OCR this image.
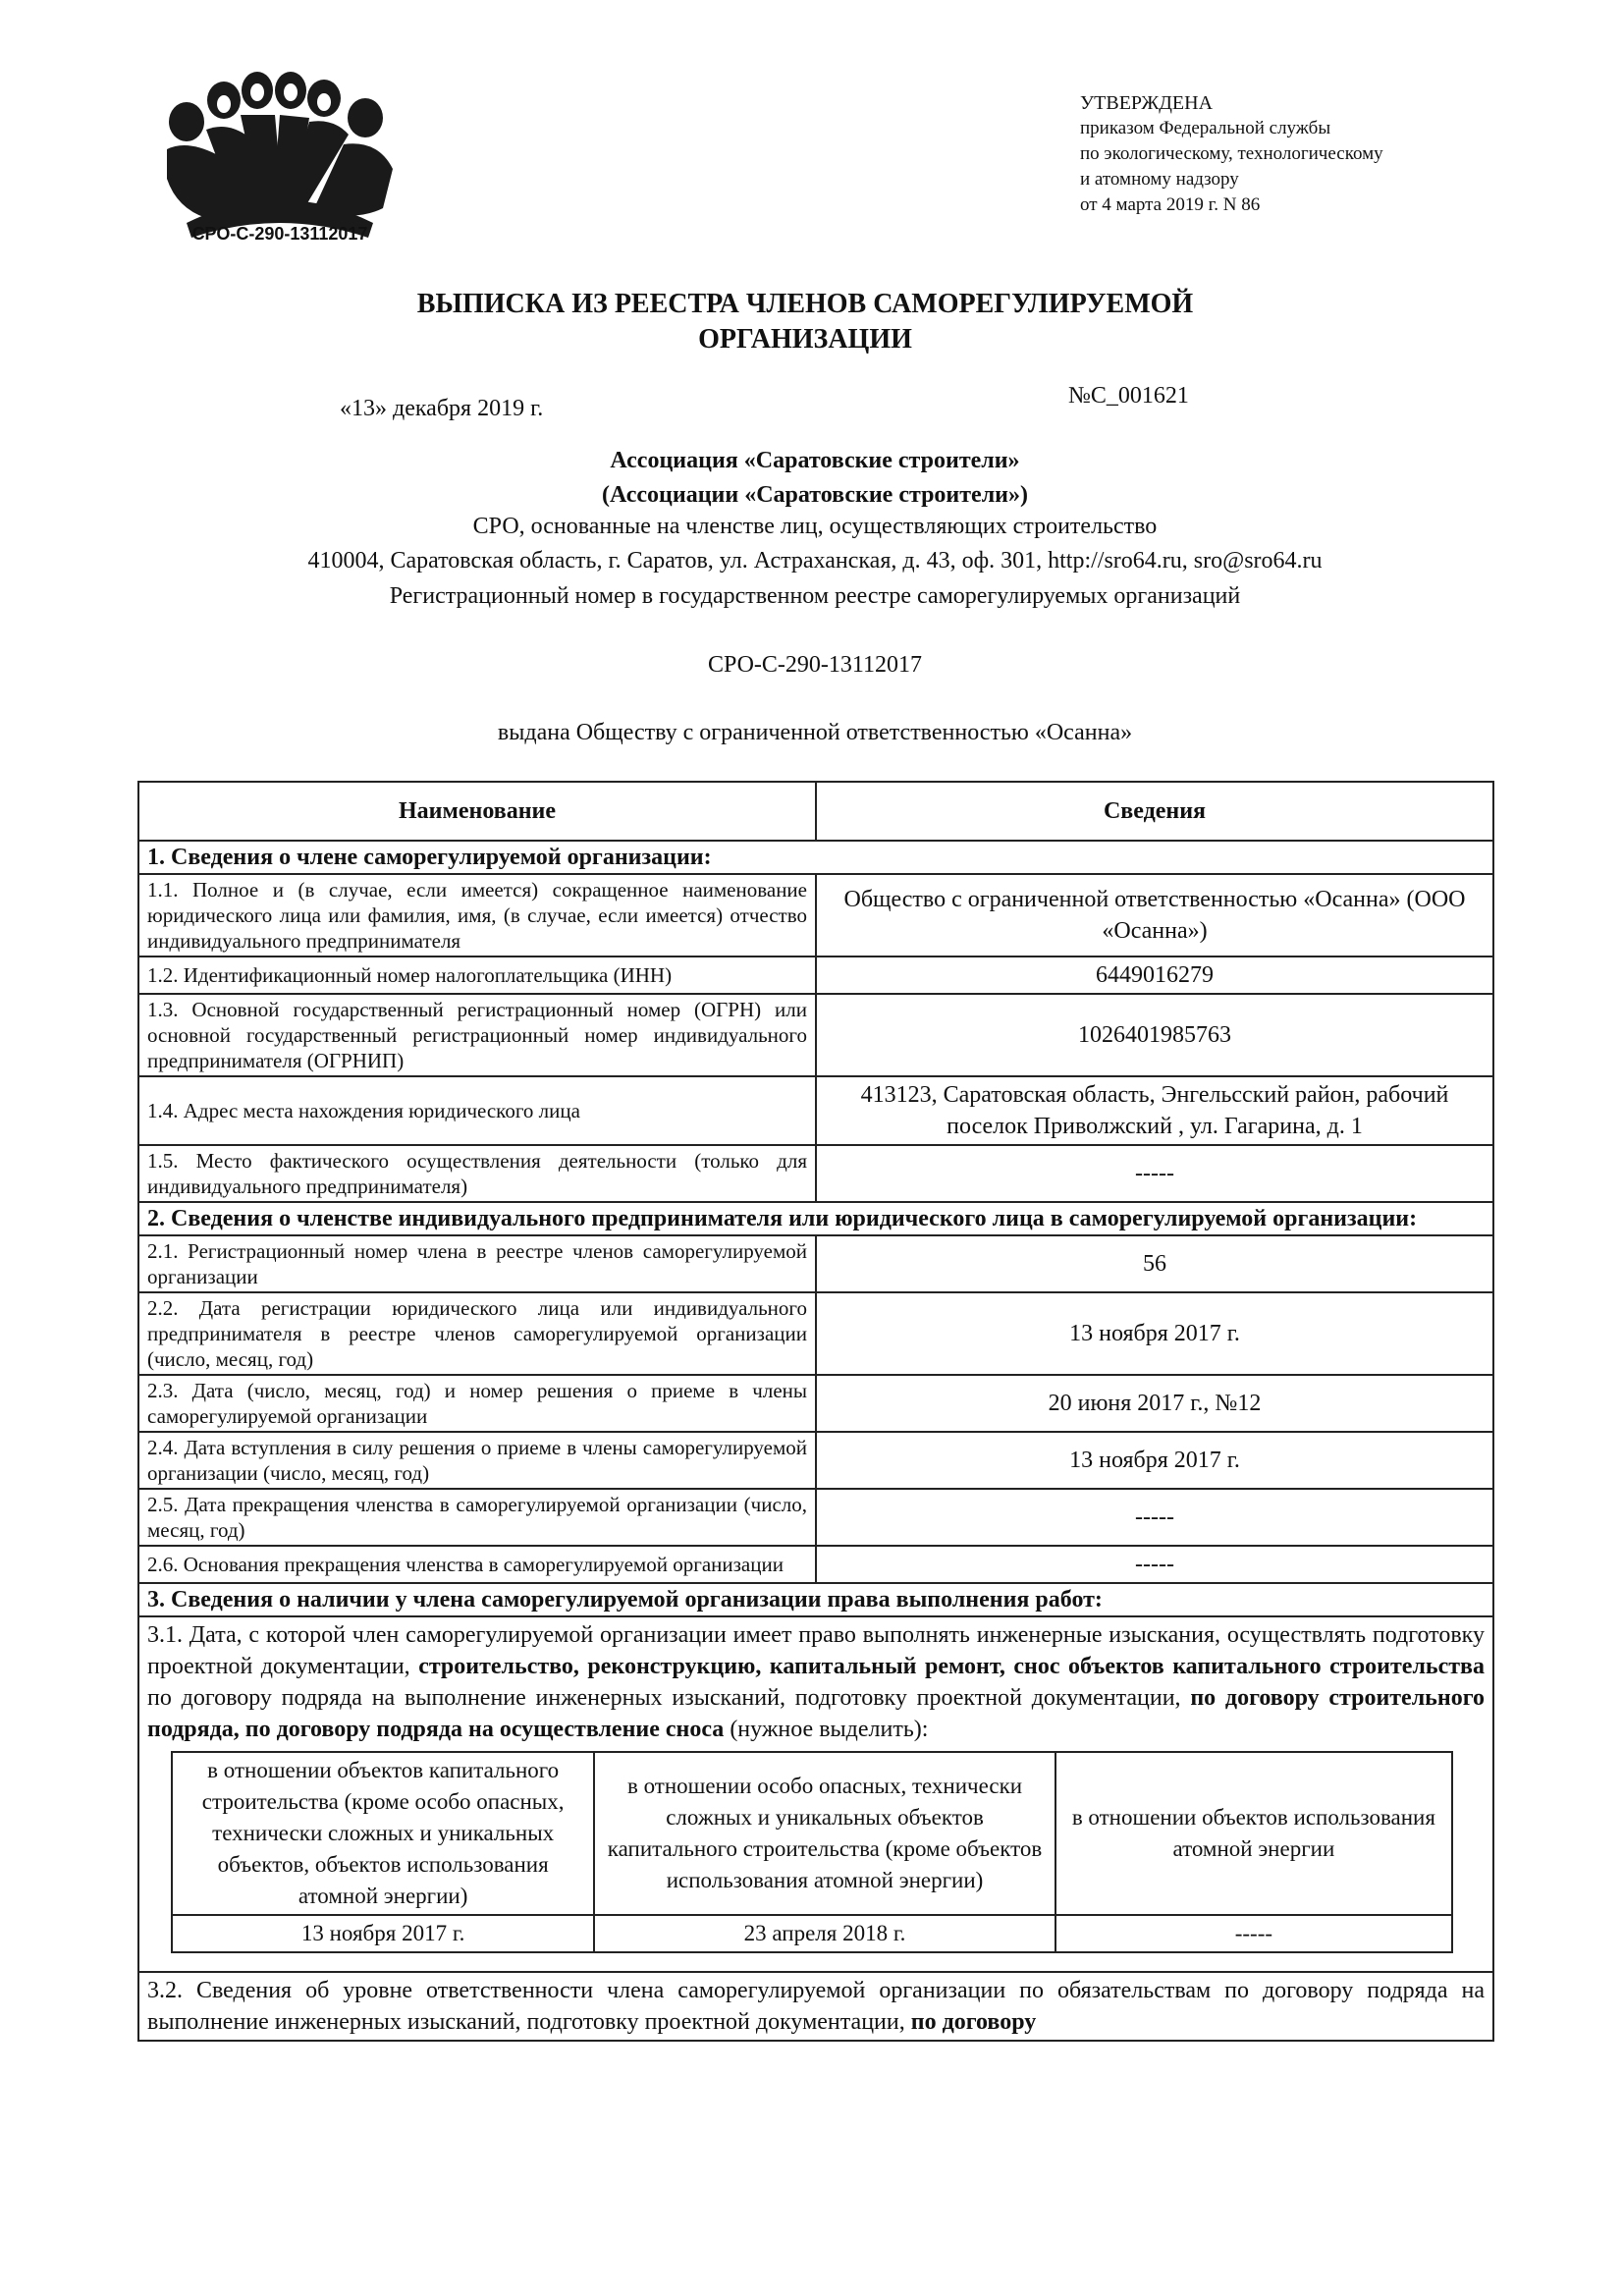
СРО-С-290-13112017
УТВЕРЖДЕНА
приказом Федеральной службы
по экологическому, технологическому
и атомному надзору
от 4 марта 2019 г. N 86
ВЫПИСКА ИЗ РЕЕСТРА ЧЛЕНОВ САМОРЕГУЛИРУЕМОЙ
ОРГАНИЗАЦИИ
«13» декабря 2019 г.	№С_001621
Ассоциация «Саратовские строители»
(Ассоциации «Саратовские строители»)
СРО, основанные на членстве лиц, осуществляющих строительство
410004, Саратовская область, г. Саратов, ул. Астраханская, д. 43, оф. 301, http://sro64.ru, sro@sro64.ru
Регистрационный номер в государственном реестре саморегулируемых организаций
СРО-С-290-13112017
выдана Обществу с ограниченной ответственностью «Осанна»
Наименование	Сведения
1. Сведения о члене саморегулируемой организации:
1.1. Полное и (в случае, если имеется) сокращенное наименование юридического лица или фамилия, имя, (в случае, если имеется) отчество индивидуального предпринимателя	Общество с ограниченной ответственностью «Осанна» (ООО «Осанна»)
1.2. Идентификационный номер налогоплательщика (ИНН)	6449016279
1.3. Основной государственный регистрационный номер (ОГРН) или основной государственный регистрационный номер индивидуального предпринимателя (ОГРНИП)	1026401985763
1.4. Адрес места нахождения юридического лица	413123, Саратовская область, Энгельсский район, рабочий поселок Приволжский , ул. Гагарина, д. 1
1.5. Место фактического осуществления деятельности (только для индивидуального предпринимателя)	-----
2. Сведения о членстве индивидуального предпринимателя или юридического лица в саморегулируемой организации:
2.1. Регистрационный номер члена в реестре членов саморегулируемой организации	56
2.2. Дата регистрации юридического лица или индивидуального предпринимателя в реестре членов саморегулируемой организации (число, месяц, год)	13 ноября 2017 г.
2.3. Дата (число, месяц, год) и номер решения о приеме в члены саморегулируемой организации	20 июня 2017 г., №12
2.4. Дата вступления в силу решения о приеме в члены саморегулируемой организации (число, месяц, год)	13 ноября 2017 г.
2.5. Дата прекращения членства в саморегулируемой организации (число, месяц, год)	-----
2.6. Основания прекращения членства в саморегулируемой организации	-----
3. Сведения о наличии у члена саморегулируемой организации права выполнения работ:

3.1. Дата, с которой член саморегулируемой организации имеет право выполнять инженерные изыскания, осуществлять подготовку проектной документации, строительство, реконструкцию, капитальный ремонт, снос объектов капитального строительства по договору подряда на выполнение инженерных изысканий, подготовку проектной документации, по договору строительного подряда, по договору подряда на осуществление сноса (нужное выделить):
в отношении объектов капитального строительства (кроме особо опасных, технически сложных и уникальных объектов, объектов использования атомной энергии)	в отношении особо опасных, технически сложных и уникальных объектов капитального строительства (кроме объектов использования атомной энергии)	в отношении объектов использования атомной энергии
13 ноября 2017 г.	23 апреля 2018 г.	-----

3.2. Сведения об уровне ответственности члена саморегулируемой организации по обязательствам по договору подряда на выполнение инженерных изысканий, подготовку проектной документации, по договору
